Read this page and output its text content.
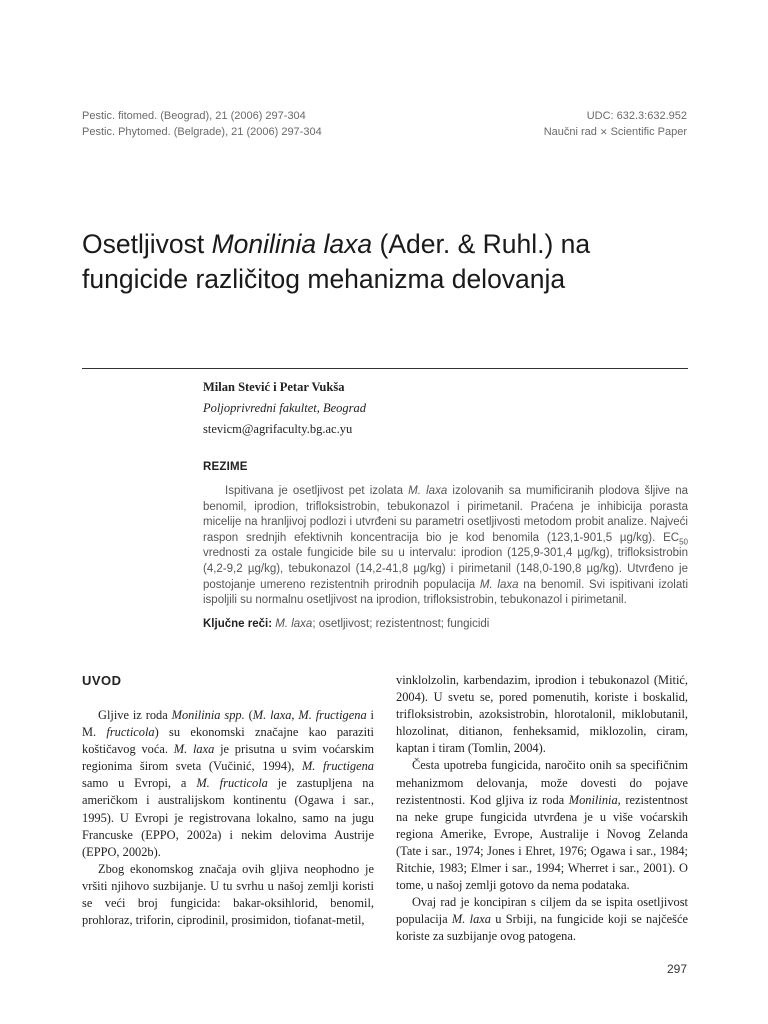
Pestic. fitomed. (Beograd), 21 (2006) 297-304
Pestic. Phytomed. (Belgrade), 21 (2006) 297-304
UDC: 632.3:632.952
Naučni rad ✕ Scientific Paper
Osetljivost Monilinia laxa (Ader. & Ruhl.) na fungicide različitog mehanizma delovanja
Milan Stević i Petar Vukša
Poljoprivredni fakultet, Beograd
stevicm@agrifaculty.bg.ac.yu
REZIME

Ispitivana je osetljivost pet izolata M. laxa izolovanih sa mumificiranih plodova šljive na benomil, iprodion, trifloksistrobin, tebukonazol i pirimetanil. Praćena je inhibicija porasta micelije na hranljivoj podlozi i utvrđeni su parametri osetljivosti metodom probit analize. Najveći raspon srednjih efektivnih koncentracija bio je kod benomila (123,1-901,5 µg/kg). $EC_{50}$ vrednosti za ostale fungicide bile su u intervalu: iprodion (125,9-301,4 µg/kg), trifloksistrobin (4,2-9,2 µg/kg), tebukonazol (14,2-41,8 µg/kg) i pirimetanil (148,0-190,8 µg/kg). Utvrđeno je postojanje umereno rezistentnih prirodnih populacija M. laxa na benomil. Svi ispitivani izolati ispoljili su normalnu osetljivost na iprodion, trifloksistrobin, tebukonazol i pirimetanil.

Ključne reči: M. laxa; osetljivost; rezistentnost; fungicidi
UVOD

Gljive iz roda Monilinia spp. (M. laxa, M. fructigena i M. fructicola) su ekonomski značajne kao paraziti koštičavog voća. M. laxa je prisutna u svim voćarskim regionima širom sveta (Vučinić, 1994), M. fructigena samo u Evropi, a M. fructicola je zastupljena na američkom i australijskom kontinentu (Ogawa i sar., 1995). U Evropi je registrovana lokalno, samo na jugu Francuske (EPPO, 2002a) i nekim delovima Austrije (EPPO, 2002b).

Zbog ekonomskog značaja ovih gljiva neophodno je vršiti njihovo suzbijanje. U tu svrhu u našoj zemlji koristi se veći broj fungicida: bakar-oksihlorid, benomil, prohloraz, triforin, ciprodinil, prosimidon, tiofanat-metil,

vinklolzolin, karbendazim, iprodion i tebukonazol (Mitić, 2004). U svetu se, pored pomenutih, koriste i boskalid, trifloksistrobin, azoksistrobin, hlorotalonil, miklobutanil, hlozolinat, ditianon, fenheksamid, miklozolin, ciram, kaptan i tiram (Tomlin, 2004).

Česta upotreba fungicida, naročito onih sa specifičnim mehanizmom delovanja, može dovesti do pojave rezistentnosti. Kod gljiva iz roda Monilinia, rezistentnost na neke grupe fungicida utvrđena je u više voćarskih regiona Amerike, Evrope, Australije i Novog Zelanda (Tate i sar., 1974; Jones i Ehret, 1976; Ogawa i sar., 1984; Ritchie, 1983; Elmer i sar., 1994; Wherret i sar., 2001). O tome, u našoj zemlji gotovo da nema podataka.

Ovaj rad je koncipiran s ciljem da se ispita osetljivost populacija M. laxa u Srbiji, na fungicide koji se najčešće koriste za suzbijanje ovog patogena.

297
